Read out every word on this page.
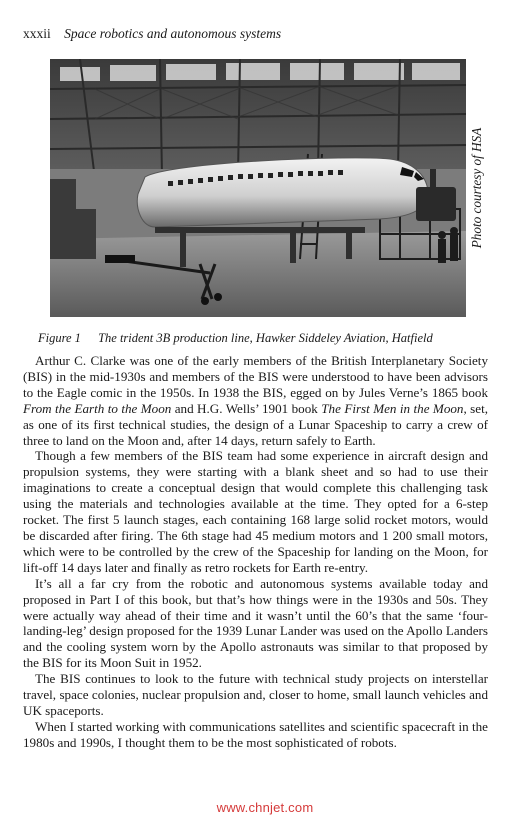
xxxii Space robotics and autonomous systems
Photo courtesy of HSA
Figure 1 The trident 3B production line, Hawker Siddeley Aviation, Hatfield

Arthur C. Clarke was one of the early members of the British Interplanetary Society (BIS) in the mid-1930s and members of the BIS were understood to have been advisors to the Eagle comic in the 1950s. In 1938 the BIS, egged on by Jules Verne’s 1865 book From the Earth to the Moon and H.G. Wells’ 1901 book The First Men in the Moon, set, as one of its first technical studies, the design of a Lunar Spaceship to carry a crew of three to land on the Moon and, after 14 days, return safely to Earth.

Though a few members of the BIS team had some experience in aircraft design and propulsion systems, they were starting with a blank sheet and so had to use their imaginations to create a conceptual design that would complete this challenging task using the materials and technologies available at the time. They opted for a 6-step rocket. The first 5 launch stages, each containing 168 large solid rocket motors, would be discarded after firing. The 6th stage had 45 medium motors and 1 200 small motors, which were to be controlled by the crew of the Spaceship for landing on the Moon, for lift-off 14 days later and finally as retro rockets for Earth re-entry.

It’s all a far cry from the robotic and autonomous systems available today and proposed in Part I of this book, but that’s how things were in the 1930s and 50s. They were actually way ahead of their time and it wasn’t until the 60’s that the same ‘four-landing-leg’ design proposed for the 1939 Lunar Lander was used on the Apollo Landers and the cooling system worn by the Apollo astronauts was similar to that proposed by the BIS for its Moon Suit in 1952.

The BIS continues to look to the future with technical study projects on interstellar travel, space colonies, nuclear propulsion and, closer to home, small launch vehicles and UK spaceports.

When I started working with communications satellites and scientific spacecraft in the 1980s and 1990s, I thought them to be the most sophisticated of robots.

www.chnjet.com
